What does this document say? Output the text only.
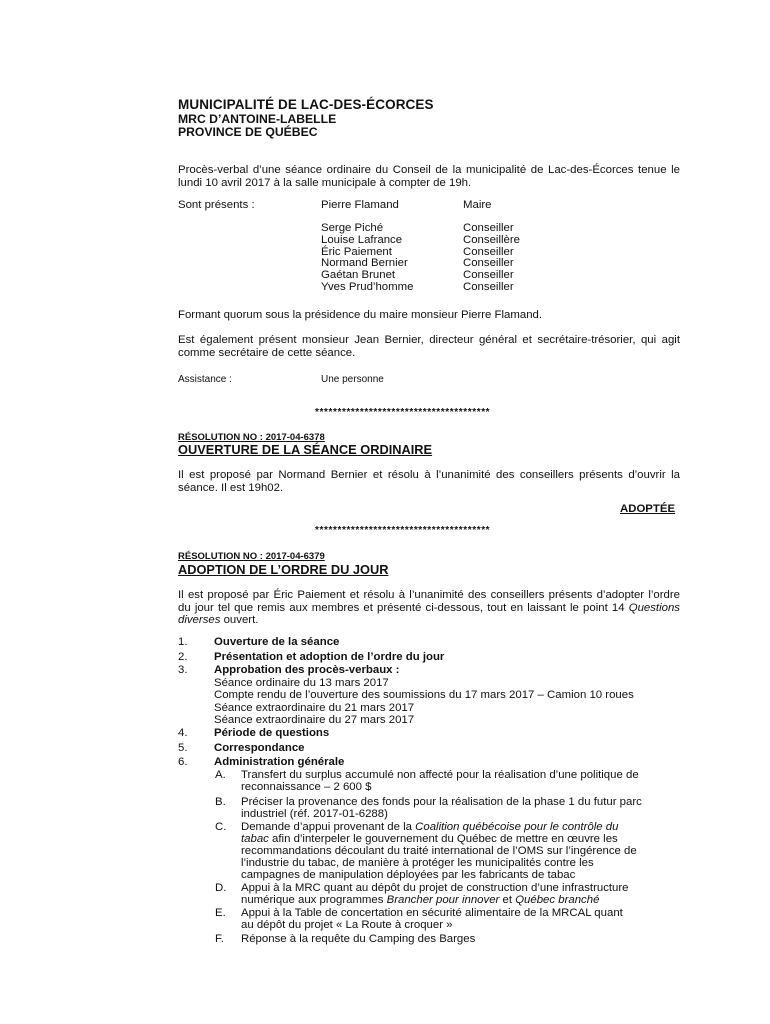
MUNICIPALITÉ DE LAC-DES-ÉCORCES
MRC D’ANTOINE-LABELLE
PROVINCE DE QUÉBEC
Procès-verbal d’une séance ordinaire du Conseil de la municipalité de Lac-des-Écorces tenue le lundi 10 avril 2017 à la salle municipale à compter de 19h.
Sont présents :	Pierre Flamand	Maire
Serge Piché	Conseiller
Louise Lafrance	Conseillère
Éric Paiement	Conseiller
Normand Bernier	Conseiller
Gaétan Brunet	Conseiller
Yves Prud’homme	Conseiller
Formant quorum sous la présidence du maire monsieur Pierre Flamand.
Est également présent monsieur Jean Bernier, directeur général et secrétaire-trésorier, qui agit comme secrétaire de cette séance.
Assistance :	Une personne
***************************************
RÉSOLUTION NO : 2017-04-6378
OUVERTURE DE LA SÉANCE ORDINAIRE
Il est proposé par Normand Bernier et résolu à l’unanimité des conseillers présents d’ouvrir la séance. Il est 19h02.
ADOPTÉE
***************************************
RÉSOLUTION NO : 2017-04-6379
ADOPTION DE L’ORDRE DU JOUR
Il est proposé par Éric Paiement et résolu à l’unanimité des conseillers présents d’adopter l’ordre du jour tel que remis aux membres et présenté ci-dessous, tout en laissant le point 14 Questions diverses ouvert.
1. Ouverture de la séance
2. Présentation et adoption de l’ordre du jour
3. Approbation des procès-verbaux :
Séance ordinaire du 13 mars 2017
Compte rendu de l’ouverture des soumissions du 17 mars 2017 – Camion 10 roues
Séance extraordinaire du 21 mars 2017
Séance extraordinaire du 27 mars 2017
4. Période de questions
5. Correspondance
6. Administration générale
A. Transfert du surplus accumulé non affecté pour la réalisation d’une politique de
reconnaissance – 2 600 $
B. Préciser la provenance des fonds pour la réalisation de la phase 1 du futur parc
industriel (réf. 2017-01-6288)
C. Demande d’appui provenant de la Coalition québécoise pour le contrôle du
tabac afin d’interpeler le gouvernement du Québec de mettre en œuvre les
recommandations découlant du traité international de l’OMS sur l’ingérence de
l’industrie du tabac, de manière à protéger les municipalités contre les
campagnes de manipulation déployées par les fabricants de tabac
D. Appui à la MRC quant au dépôt du projet de construction d’une infrastructure
numérique aux programmes Brancher pour innover et Québec branché
E. Appui à la Table de concertation en sécurité alimentaire de la MRCAL quant
au dépôt du projet « La Route à croquer »
F. Réponse à la requête du Camping des Barges
